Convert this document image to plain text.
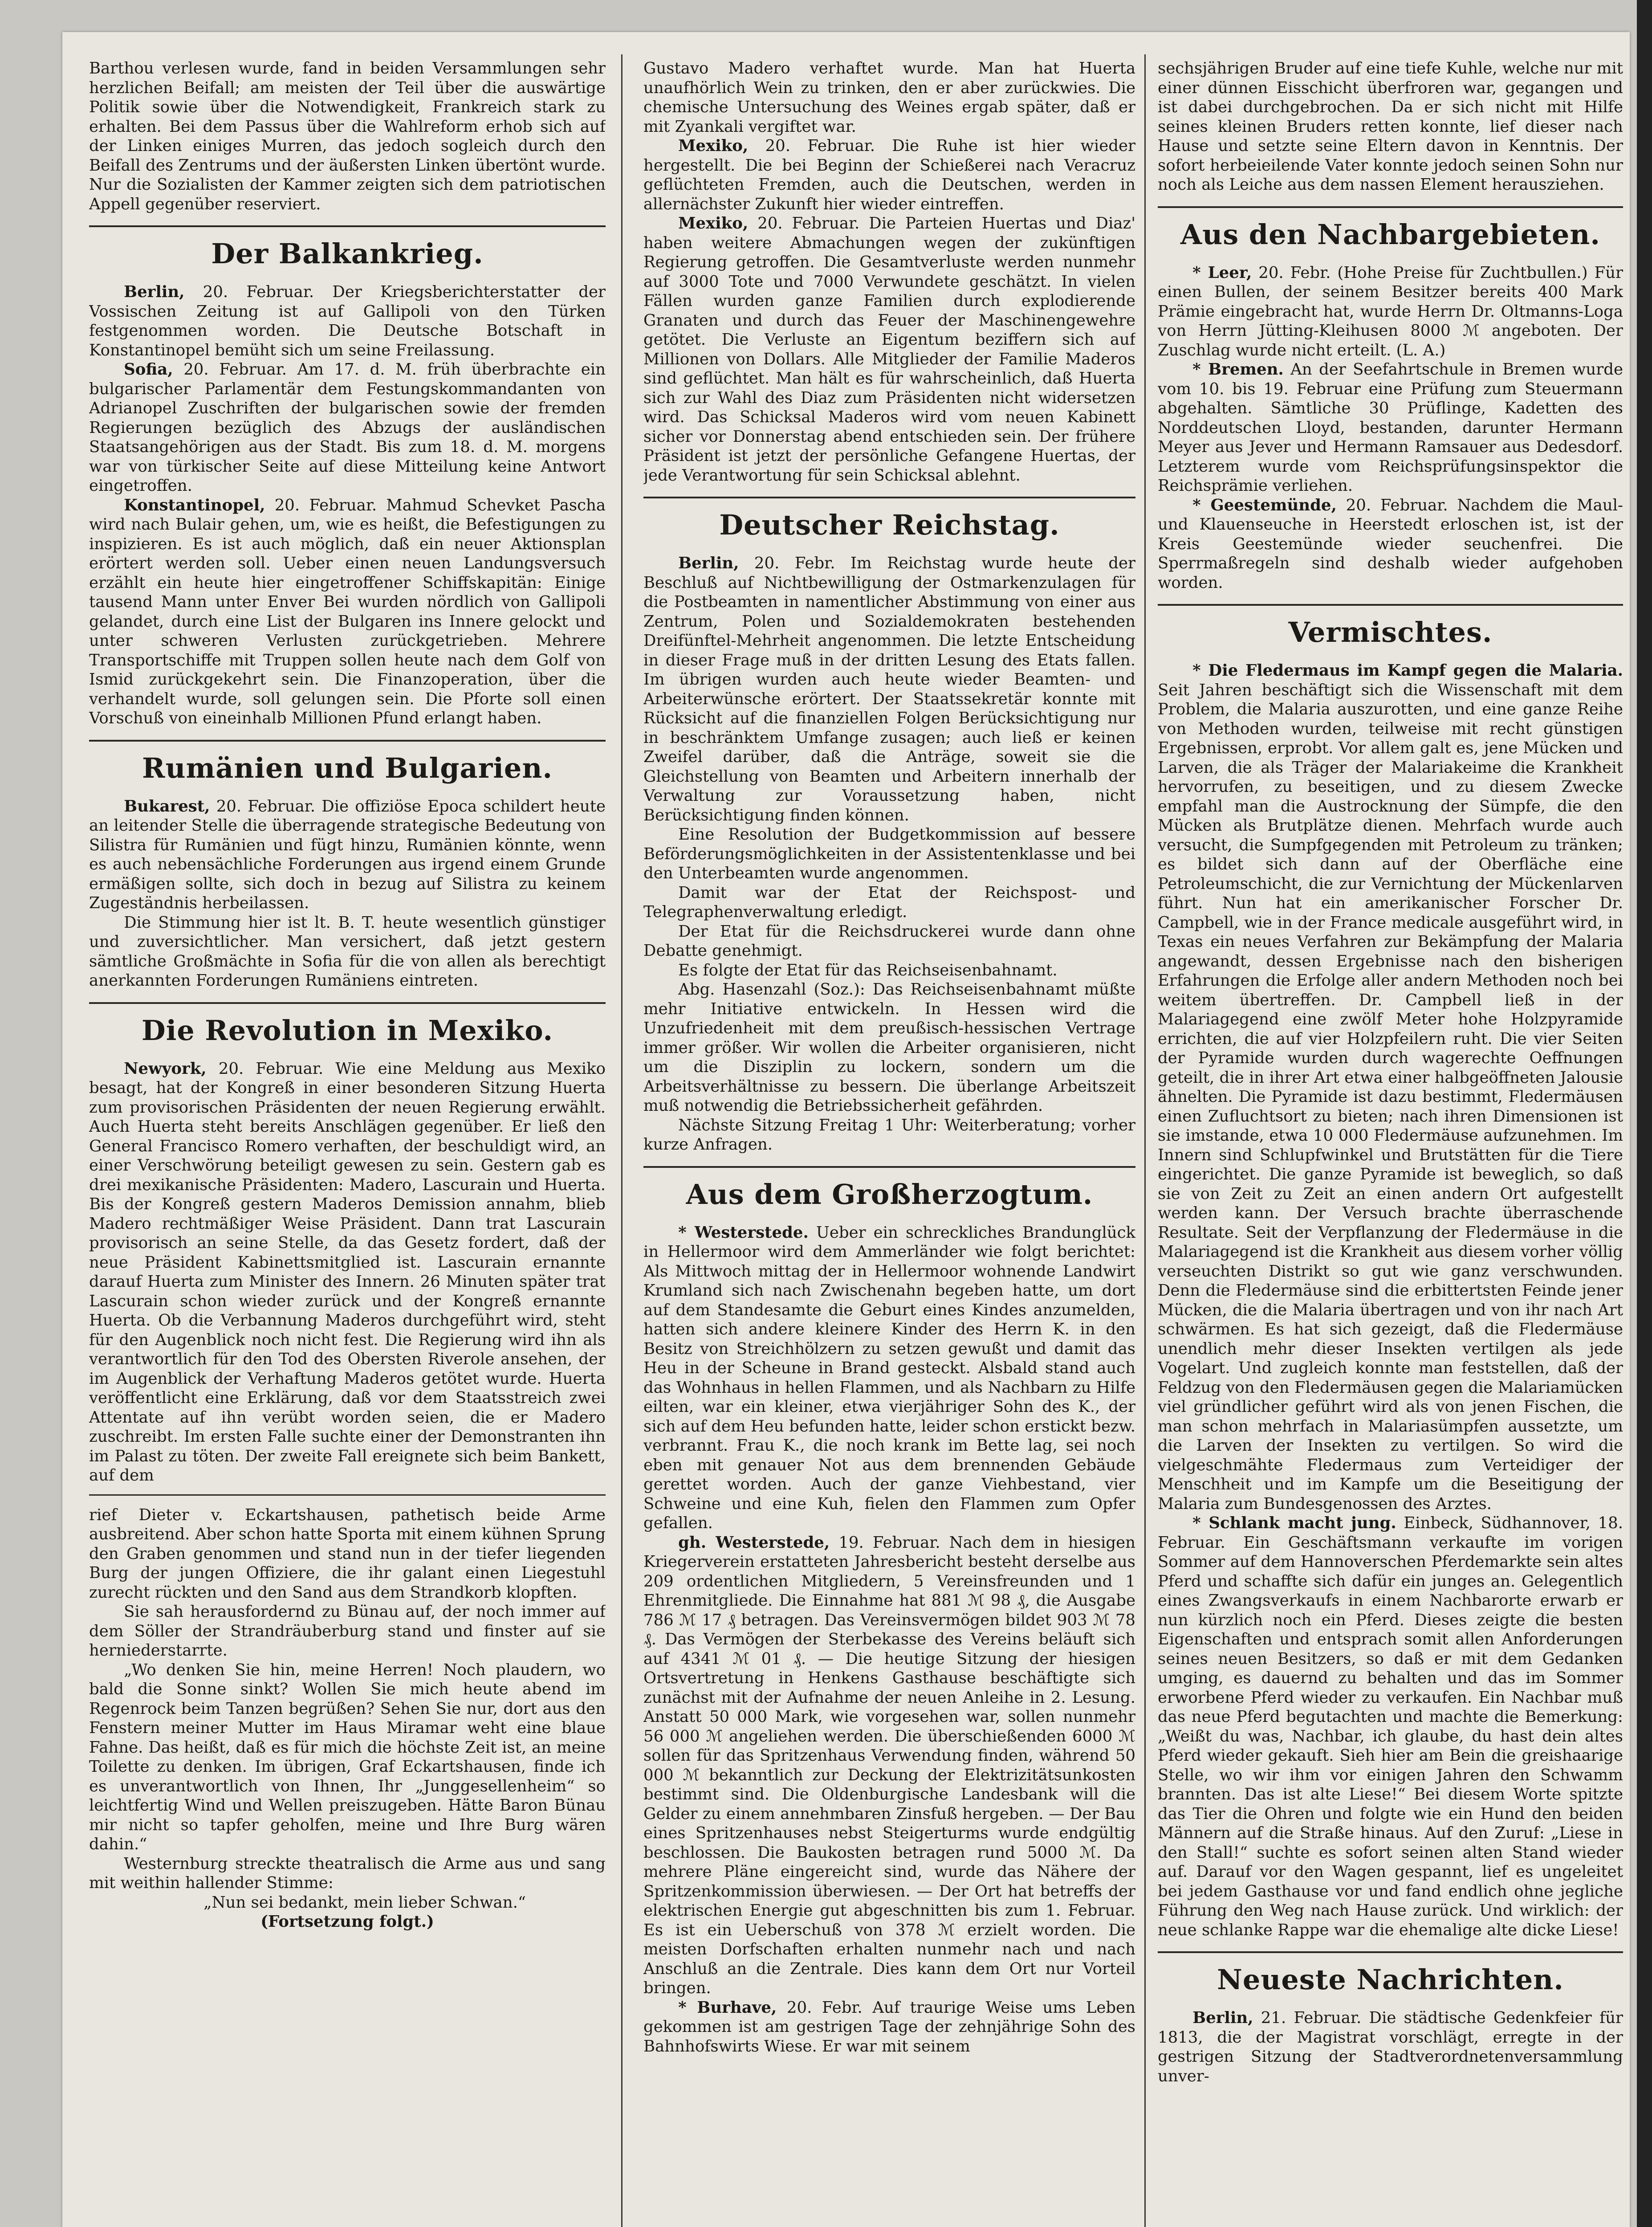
Barthou verlesen wurde, fand in beiden Versammlungen sehr herzlichen Beifall; am meisten der Teil über die auswärtige Politik sowie über die Notwendigkeit, Frankreich stark zu erhalten. Bei dem Passus über die Wahlreform erhob sich auf der Linken einiges Murren, das jedoch sogleich durch den Beifall des Zentrums und der äußersten Linken übertönt wurde. Nur die Sozialisten der Kammer zeigten sich dem patriotischen Appell gegenüber reserviert.

Der Balkankrieg.

Berlin, 20. Februar. Der Kriegsberichterstatter der Vossischen Zeitung ist auf Gallipoli von den Türken festgenommen worden. Die Deutsche Botschaft in Konstantinopel bemüht sich um seine Freilassung.

Sofia, 20. Februar. Am 17. d. M. früh überbrachte ein bulgarischer Parlamentär dem Festungskommandanten von Adrianopel Zuschriften der bulgarischen sowie der fremden Regierungen bezüglich des Abzugs der ausländischen Staatsangehörigen aus der Stadt. Bis zum 18. d. M. morgens war von türkischer Seite auf diese Mitteilung keine Antwort eingetroffen.

Konstantinopel, 20. Februar. Mahmud Schevket Pascha wird nach Bulair gehen, um, wie es heißt, die Befestigungen zu inspizieren. Es ist auch möglich, daß ein neuer Aktionsplan erörtert werden soll. Ueber einen neuen Landungsversuch erzählt ein heute hier eingetroffener Schiffskapitän: Einige tausend Mann unter Enver Bei wurden nördlich von Gallipoli gelandet, durch eine List der Bulgaren ins Innere gelockt und unter schweren Verlusten zurückgetrieben. Mehrere Transportschiffe mit Truppen sollen heute nach dem Golf von Ismid zurückgekehrt sein. Die Finanzoperation, über die verhandelt wurde, soll gelungen sein. Die Pforte soll einen Vorschuß von eineinhalb Millionen Pfund erlangt haben.

Rumänien und Bulgarien.

Bukarest, 20. Februar. Die offiziöse Epoca schildert heute an leitender Stelle die überragende strategische Bedeutung von Silistra für Rumänien und fügt hinzu, Rumänien könnte, wenn es auch nebensächliche Forderungen aus irgend einem Grunde ermäßigen sollte, sich doch in bezug auf Silistra zu keinem Zugeständnis herbeilassen.

Die Stimmung hier ist lt. B. T. heute wesentlich günstiger und zuversichtlicher. Man versichert, daß jetzt gestern sämtliche Großmächte in Sofia für die von allen als berechtigt anerkannten Forderungen Rumäniens eintreten.

Die Revolution in Mexiko.

Newyork, 20. Februar. Wie eine Meldung aus Mexiko besagt, hat der Kongreß in einer besonderen Sitzung Huerta zum provisorischen Präsidenten der neuen Regierung erwählt. Auch Huerta steht bereits Anschlägen gegenüber. Er ließ den General Francisco Romero verhaften, der beschuldigt wird, an einer Verschwörung beteiligt gewesen zu sein. Gestern gab es drei mexikanische Präsidenten: Madero, Lascurain und Huerta. Bis der Kongreß gestern Maderos Demission annahm, blieb Madero rechtmäßiger Weise Präsident. Dann trat Lascurain provisorisch an seine Stelle, da das Gesetz fordert, daß der neue Präsident Kabinettsmitglied ist. Lascurain ernannte darauf Huerta zum Minister des Innern. 26 Minuten später trat Lascurain schon wieder zurück und der Kongreß ernannte Huerta. Ob die Verbannung Maderos durchgeführt wird, steht für den Augenblick noch nicht fest. Die Regierung wird ihn als verantwortlich für den Tod des Obersten Riverole ansehen, der im Augenblick der Verhaftung Maderos getötet wurde. Huerta veröffentlicht eine Erklärung, daß vor dem Staatsstreich zwei Attentate auf ihn verübt worden seien, die er Madero zuschreibt. Im ersten Falle suchte einer der Demonstranten ihn im Palast zu töten. Der zweite Fall ereignete sich beim Bankett, auf dem

rief Dieter v. Eckartshausen, pathetisch beide Arme ausbreitend. Aber schon hatte Sporta mit einem kühnen Sprung den Graben genommen und stand nun in der tiefer liegenden Burg der jungen Offiziere, die ihr galant einen Liegestuhl zurecht rückten und den Sand aus dem Strandkorb klopften.

Sie sah herausfordernd zu Bünau auf, der noch immer auf dem Söller der Strandräuberburg stand und finster auf sie herniederstarrte.

„Wo denken Sie hin, meine Herren! Noch plaudern, wo bald die Sonne sinkt? Wollen Sie mich heute abend im Regenrock beim Tanzen begrüßen? Sehen Sie nur, dort aus den Fenstern meiner Mutter im Haus Miramar weht eine blaue Fahne. Das heißt, daß es für mich die höchste Zeit ist, an meine Toilette zu denken. Im übrigen, Graf Eckartshausen, finde ich es unverantwortlich von Ihnen, Ihr „Junggesellenheim“ so leichtfertig Wind und Wellen preiszugeben. Hätte Baron Bünau mir nicht so tapfer geholfen, meine und Ihre Burg wären dahin.“

Westernburg streckte theatralisch die Arme aus und sang mit weithin hallender Stimme:

„Nun sei bedankt, mein lieber Schwan.“

(Fortsetzung folgt.)

Gustavo Madero verhaftet wurde. Man hat Huerta unaufhörlich Wein zu trinken, den er aber zurückwies. Die chemische Untersuchung des Weines ergab später, daß er mit Zyankali vergiftet war.

Mexiko, 20. Februar. Die Ruhe ist hier wieder hergestellt. Die bei Beginn der Schießerei nach Veracruz geflüchteten Fremden, auch die Deutschen, werden in allernächster Zukunft hier wieder eintreffen.

Mexiko, 20. Februar. Die Parteien Huertas und Diaz' haben weitere Abmachungen wegen der zukünftigen Regierung getroffen. Die Gesamtverluste werden nunmehr auf 3000 Tote und 7000 Verwundete geschätzt. In vielen Fällen wurden ganze Familien durch explodierende Granaten und durch das Feuer der Maschinengewehre getötet. Die Verluste an Eigentum beziffern sich auf Millionen von Dollars. Alle Mitglieder der Familie Maderos sind geflüchtet. Man hält es für wahrscheinlich, daß Huerta sich zur Wahl des Diaz zum Präsidenten nicht widersetzen wird. Das Schicksal Maderos wird vom neuen Kabinett sicher vor Donnerstag abend entschieden sein. Der frühere Präsident ist jetzt der persönliche Gefangene Huertas, der jede Verantwortung für sein Schicksal ablehnt.

Deutscher Reichstag.

Berlin, 20. Febr. Im Reichstag wurde heute der Beschluß auf Nichtbewilligung der Ostmarkenzulagen für die Postbeamten in namentlicher Abstimmung von einer aus Zentrum, Polen und Sozialdemokraten bestehenden Dreifünftel-Mehrheit angenommen. Die letzte Entscheidung in dieser Frage muß in der dritten Lesung des Etats fallen. Im übrigen wurden auch heute wieder Beamten- und Arbeiterwünsche erörtert. Der Staatssekretär konnte mit Rücksicht auf die finanziellen Folgen Berücksichtigung nur in beschränktem Umfange zusagen; auch ließ er keinen Zweifel darüber, daß die Anträge, soweit sie die Gleichstellung von Beamten und Arbeitern innerhalb der Verwaltung zur Voraussetzung haben, nicht Berücksichtigung finden können.

Eine Resolution der Budgetkommission auf bessere Beförderungsmöglichkeiten in der Assistentenklasse und bei den Unterbeamten wurde angenommen.

Damit war der Etat der Reichspost- und Telegraphenverwaltung erledigt.

Der Etat für die Reichsdruckerei wurde dann ohne Debatte genehmigt.

Es folgte der Etat für das Reichseisenbahnamt.

Abg. Hasenzahl (Soz.): Das Reichseisenbahnamt müßte mehr Initiative entwickeln. In Hessen wird die Unzufriedenheit mit dem preußisch-hessischen Vertrage immer größer. Wir wollen die Arbeiter organisieren, nicht um die Disziplin zu lockern, sondern um die Arbeitsverhältnisse zu bessern. Die überlange Arbeitszeit muß notwendig die Betriebssicherheit gefährden.

Nächste Sitzung Freitag 1 Uhr: Weiterberatung; vorher kurze Anfragen.

Aus dem Großherzogtum.

* Westerstede. Ueber ein schreckliches Brandunglück in Hellermoor wird dem Ammerländer wie folgt berichtet: Als Mittwoch mittag der in Hellermoor wohnende Landwirt Krumland sich nach Zwischenahn begeben hatte, um dort auf dem Standesamte die Geburt eines Kindes anzumelden, hatten sich andere kleinere Kinder des Herrn K. in den Besitz von Streichhölzern zu setzen gewußt und damit das Heu in der Scheune in Brand gesteckt. Alsbald stand auch das Wohnhaus in hellen Flammen, und als Nachbarn zu Hilfe eilten, war ein kleiner, etwa vierjähriger Sohn des K., der sich auf dem Heu befunden hatte, leider schon erstickt bezw. verbrannt. Frau K., die noch krank im Bette lag, sei noch eben mit genauer Not aus dem brennenden Gebäude gerettet worden. Auch der ganze Viehbestand, vier Schweine und eine Kuh, fielen den Flammen zum Opfer gefallen.

gh. Westerstede, 19. Februar. Nach dem in hiesigen Kriegerverein erstatteten Jahresbericht besteht derselbe aus 209 ordentlichen Mitgliedern, 5 Vereinsfreunden und 1 Ehrenmitgliede. Die Einnahme hat 881 ℳ 98 ₰, die Ausgabe 786 ℳ 17 ₰ betragen. Das Vereinsvermögen bildet 903 ℳ 78 ₰. Das Vermögen der Sterbekasse des Vereins beläuft sich auf 4341 ℳ 01 ₰. — Die heutige Sitzung der hiesigen Ortsvertretung in Henkens Gasthause beschäftigte sich zunächst mit der Aufnahme der neuen Anleihe in 2. Lesung. Anstatt 50 000 Mark, wie vorgesehen war, sollen nunmehr 56 000 ℳ angeliehen werden. Die überschießenden 6000 ℳ sollen für das Spritzenhaus Verwendung finden, während 50 000 ℳ bekanntlich zur Deckung der Elektrizitätsunkosten bestimmt sind. Die Oldenburgische Landesbank will die Gelder zu einem annehmbaren Zinsfuß hergeben. — Der Bau eines Spritzenhauses nebst Steigerturms wurde endgültig beschlossen. Die Baukosten betragen rund 5000 ℳ. Da mehrere Pläne eingereicht sind, wurde das Nähere der Spritzenkommission überwiesen. — Der Ort hat betreffs der elektrischen Energie gut abgeschnitten bis zum 1. Februar. Es ist ein Ueberschuß von 378 ℳ erzielt worden. Die meisten Dorfschaften erhalten nunmehr nach und nach Anschluß an die Zentrale. Dies kann dem Ort nur Vorteil bringen.

* Burhave, 20. Febr. Auf traurige Weise ums Leben gekommen ist am gestrigen Tage der zehnjährige Sohn des Bahnhofswirts Wiese. Er war mit seinem

sechsjährigen Bruder auf eine tiefe Kuhle, welche nur mit einer dünnen Eisschicht überfroren war, gegangen und ist dabei durchgebrochen. Da er sich nicht mit Hilfe seines kleinen Bruders retten konnte, lief dieser nach Hause und setzte seine Eltern davon in Kenntnis. Der sofort herbeieilende Vater konnte jedoch seinen Sohn nur noch als Leiche aus dem nassen Element herausziehen.

Aus den Nachbargebieten.

* Leer, 20. Febr. (Hohe Preise für Zuchtbullen.) Für einen Bullen, der seinem Besitzer bereits 400 Mark Prämie eingebracht hat, wurde Herrn Dr. Oltmanns-Loga von Herrn Jütting-Kleihusen 8000 ℳ angeboten. Der Zuschlag wurde nicht erteilt. (L. A.)

* Bremen. An der Seefahrtschule in Bremen wurde vom 10. bis 19. Februar eine Prüfung zum Steuermann abgehalten. Sämtliche 30 Prüflinge, Kadetten des Norddeutschen Lloyd, bestanden, darunter Hermann Meyer aus Jever und Hermann Ramsauer aus Dedesdorf. Letzterem wurde vom Reichsprüfungsinspektor die Reichsprämie verliehen.

* Geestemünde, 20. Februar. Nachdem die Maul- und Klauenseuche in Heerstedt erloschen ist, ist der Kreis Geestemünde wieder seuchenfrei. Die Sperrmaßregeln sind deshalb wieder aufgehoben worden.

Vermischtes.

* Die Fledermaus im Kampf gegen die Malaria. Seit Jahren beschäftigt sich die Wissenschaft mit dem Problem, die Malaria auszurotten, und eine ganze Reihe von Methoden wurden, teilweise mit recht günstigen Ergebnissen, erprobt. Vor allem galt es, jene Mücken und Larven, die als Träger der Malariakeime die Krankheit hervorrufen, zu beseitigen, und zu diesem Zwecke empfahl man die Austrocknung der Sümpfe, die den Mücken als Brutplätze dienen. Mehrfach wurde auch versucht, die Sumpfgegenden mit Petroleum zu tränken; es bildet sich dann auf der Oberfläche eine Petroleumschicht, die zur Vernichtung der Mückenlarven führt. Nun hat ein amerikanischer Forscher Dr. Campbell, wie in der France medicale ausgeführt wird, in Texas ein neues Verfahren zur Bekämpfung der Malaria angewandt, dessen Ergebnisse nach den bisherigen Erfahrungen die Erfolge aller andern Methoden noch bei weitem übertreffen. Dr. Campbell ließ in der Malariagegend eine zwölf Meter hohe Holzpyramide errichten, die auf vier Holzpfeilern ruht. Die vier Seiten der Pyramide wurden durch wagerechte Oeffnungen geteilt, die in ihrer Art etwa einer halbgeöffneten Jalousie ähnelten. Die Pyramide ist dazu bestimmt, Fledermäusen einen Zufluchtsort zu bieten; nach ihren Dimensionen ist sie imstande, etwa 10 000 Fledermäuse aufzunehmen. Im Innern sind Schlupfwinkel und Brutstätten für die Tiere eingerichtet. Die ganze Pyramide ist beweglich, so daß sie von Zeit zu Zeit an einen andern Ort aufgestellt werden kann. Der Versuch brachte überraschende Resultate. Seit der Verpflanzung der Fledermäuse in die Malariagegend ist die Krankheit aus diesem vorher völlig verseuchten Distrikt so gut wie ganz verschwunden. Denn die Fledermäuse sind die erbittertsten Feinde jener Mücken, die die Malaria übertragen und von ihr nach Art schwärmen. Es hat sich gezeigt, daß die Fledermäuse unendlich mehr dieser Insekten vertilgen als jede Vogelart. Und zugleich konnte man feststellen, daß der Feldzug von den Fledermäusen gegen die Malariamücken viel gründlicher geführt wird als von jenen Fischen, die man schon mehrfach in Malariasümpfen aussetzte, um die Larven der Insekten zu vertilgen. So wird die vielgeschmähte Fledermaus zum Verteidiger der Menschheit und im Kampfe um die Beseitigung der Malaria zum Bundesgenossen des Arztes.

* Schlank macht jung. Einbeck, Südhannover, 18. Februar. Ein Geschäftsmann verkaufte im vorigen Sommer auf dem Hannoverschen Pferdemarkte sein altes Pferd und schaffte sich dafür ein junges an. Gelegentlich eines Zwangsverkaufs in einem Nachbarorte erwarb er nun kürzlich noch ein Pferd. Dieses zeigte die besten Eigenschaften und entsprach somit allen Anforderungen seines neuen Besitzers, so daß er mit dem Gedanken umging, es dauernd zu behalten und das im Sommer erworbene Pferd wieder zu verkaufen. Ein Nachbar muß das neue Pferd begutachten und machte die Bemerkung: „Weißt du was, Nachbar, ich glaube, du hast dein altes Pferd wieder gekauft. Sieh hier am Bein die greishaarige Stelle, wo wir ihm vor einigen Jahren den Schwamm brannten. Das ist alte Liese!“ Bei diesem Worte spitzte das Tier die Ohren und folgte wie ein Hund den beiden Männern auf die Straße hinaus. Auf den Zuruf: „Liese in den Stall!“ suchte es sofort seinen alten Stand wieder auf. Darauf vor den Wagen gespannt, lief es ungeleitet bei jedem Gasthause vor und fand endlich ohne jegliche Führung den Weg nach Hause zurück. Und wirklich: der neue schlanke Rappe war die ehemalige alte dicke Liese!

Neueste Nachrichten.

Berlin, 21. Februar. Die städtische Gedenkfeier für 1813, die der Magistrat vorschlägt, erregte in der gestrigen Sitzung der Stadtverordnetenversammlung unver-
